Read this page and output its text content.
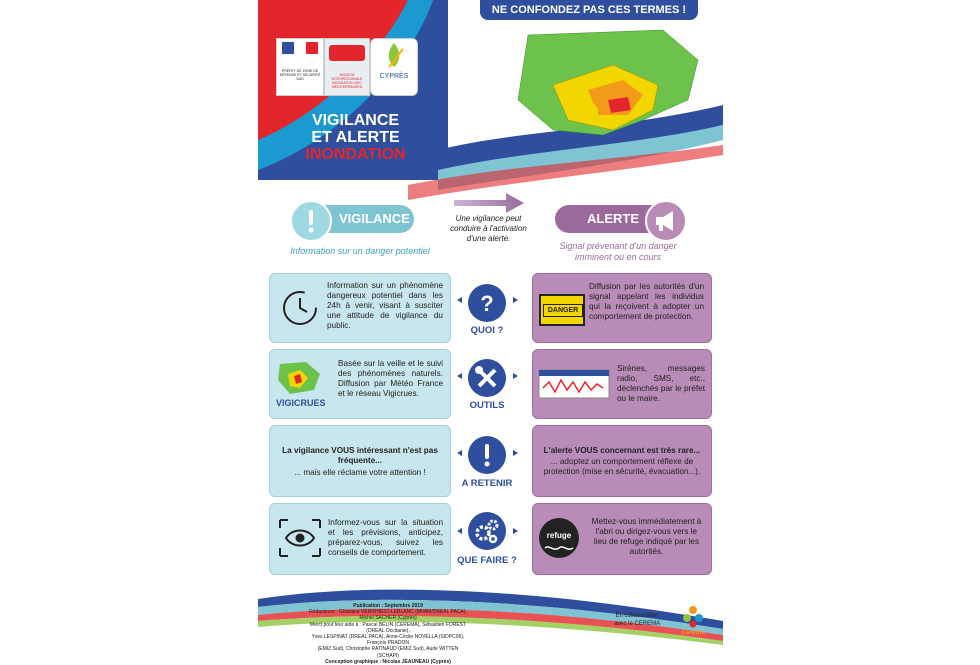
NE CONFONDEZ PAS CES TERMES !
PRÉFET DE ZONE DE DÉFENSE ET SÉCURITÉ SUD
MISSION INTERRÉGIONALE INONDATION ARC MÉDITERRANÉEN
CYPRÈS
VIGILANCE
ET ALERTE
INONDATION
VIGILANCE
Information sur un danger potentiel
Une vigilance peut conduire à l'activation d'une alerte.
ALERTE
Signal prévenant d'un danger imminent ou en cours
Information sur un phénomène dangereux potentiel dans les 24h à venir, visant à susciter une attitude de vigilance du public.
?
QUOI ?
DANGER
Diffusion par les autorités d'un signal appelant les individus qui la reçoivent à adopter un comportement de protection.
VIGICRUES
Basée sur la veille et le suivi des phénomènes naturels. Diffusion par Météo France et le réseau Vigicrues.
OUTILS
Sirènes, messages radio, SMS, etc., déclenchés par le préfet ou le maire.
La vigilance VOUS intéressant n'est pas fréquente...
... mais elle réclame votre attention !
A RETENIR
L'alerte VOUS concernant est très rare...
... adoptez un comportement réflexe de protection (mise en sécurité, évacuation...).
Informez-vous sur la situation et les prévisions, anticipez, préparez-vous, suivez les conseils de comportement.
QUE FAIRE ?
refuge
Mettez-vous immédiatement à l'abri ou dirigez-vous vers le lieu de refuge indiqué par les autorités.
Publication : Septembre 2019
Rédacteurs : Ghislaine VERRHIEST-LEBLANC (MIIAM/DREAL PACA),
Michel SACHER (Cyprès)
Merci pour leur aide à : Pascal BELIN (CEREMA), Sébastien FOREST (DREAL Occitanie),
Yves LESPINAT (DREAL PACA), Anne-Cécile NOVELLA (SIDPC06), François PRADON
(EMIZ Sud), Christophe RATINAUD (EMIZ Sud), Aude WITTEN (SCHAPI)
Conception graphique : Nicolas JEAUNEAU (Cyprès)
En collaboration avec le CEREMA
Cerema
